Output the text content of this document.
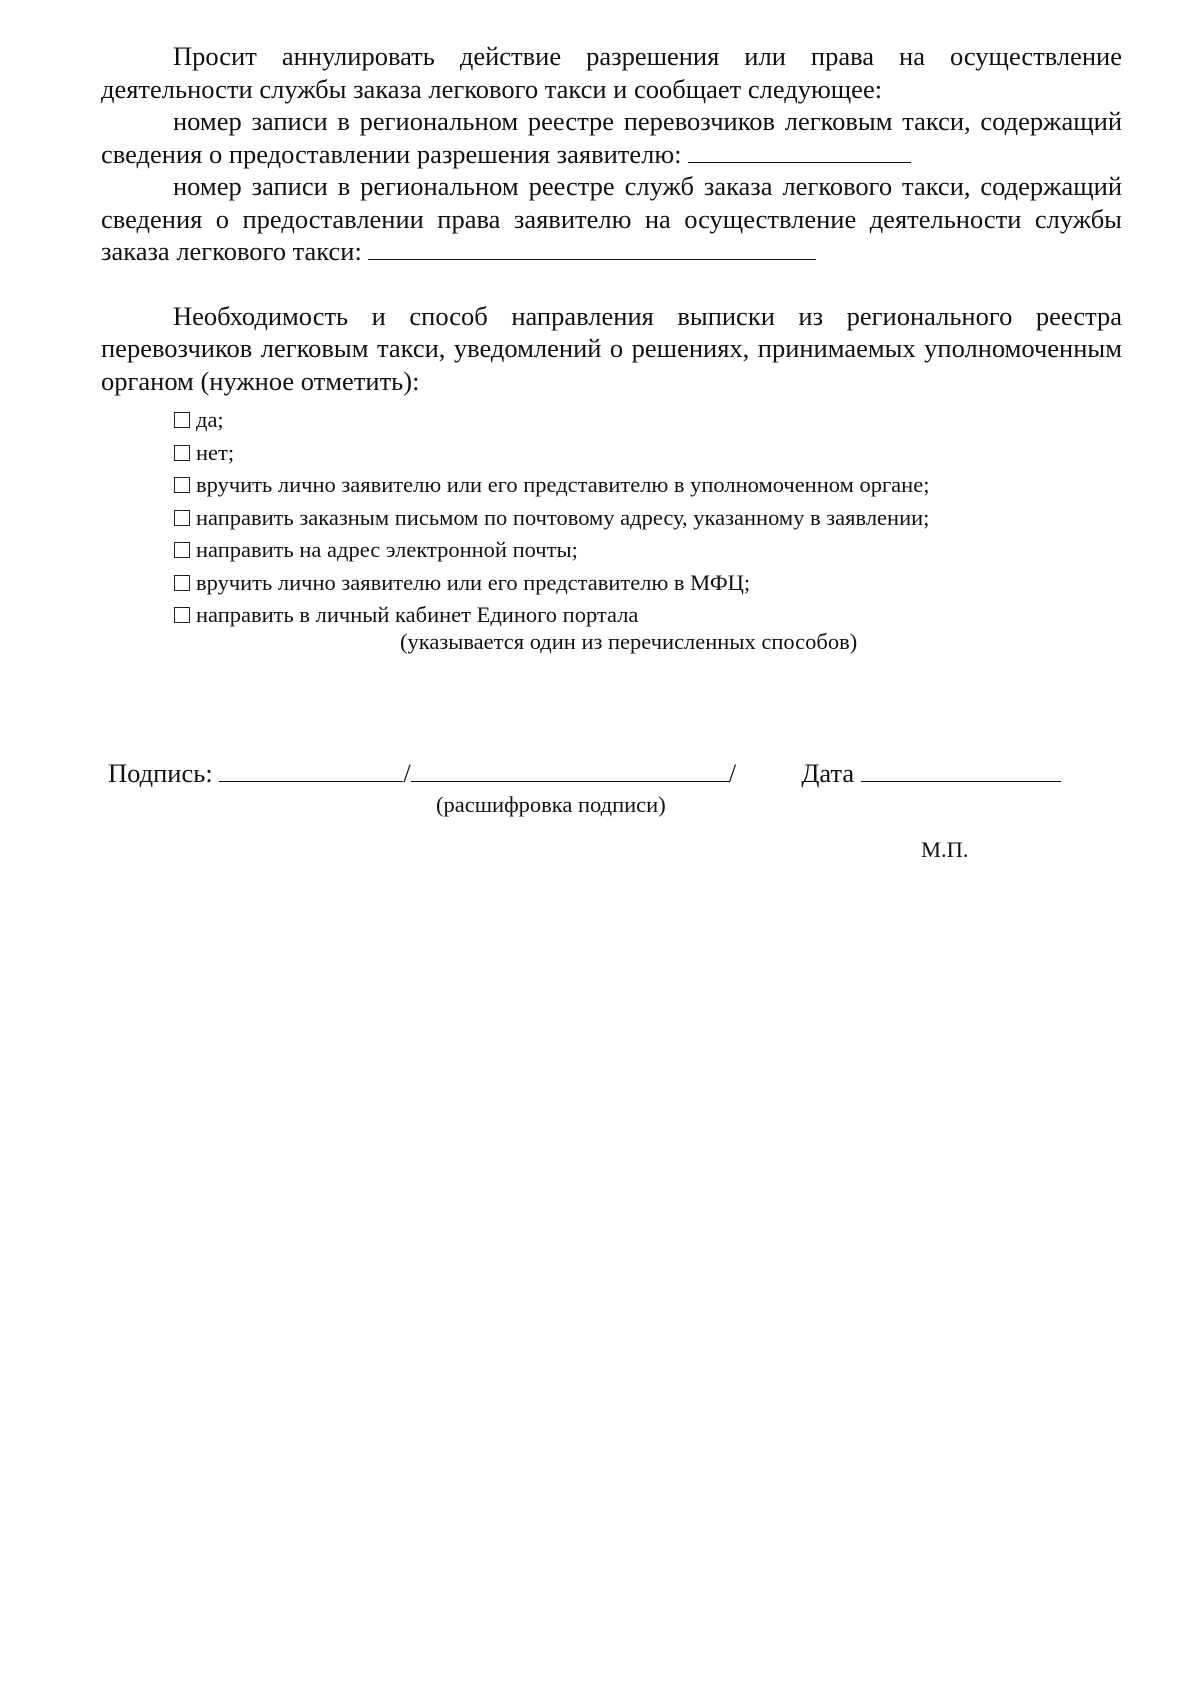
Просит аннулировать действие разрешения или права на осуществление деятельности службы заказа легкового такси и сообщает следующее:

номер записи в региональном реестре перевозчиков легковым такси, содержащий сведения о предоставлении разрешения заявителю:

номер записи в региональном реестре служб заказа легкового такси, содержащий сведения о предоставлении права заявителю на осуществление деятельности службы заказа легкового такси:

Необходимость и способ направления выписки из регионального реестра перевозчиков легковым такси, уведомлений о решениях, принимаемых уполномоченным органом (нужное отметить):

да;
нет;
вручить лично заявителю или его представителю в уполномоченном органе;
направить заказным письмом по почтовому адресу, указанному в заявлении;
направить на адрес электронной почты;
вручить лично заявителю или его представителю в МФЦ;
направить в личный кабинет Единого портала
(указывается один из перечисленных способов)
Подпись:	/	/ Дата
(расшифровка подписи)
М.П.
